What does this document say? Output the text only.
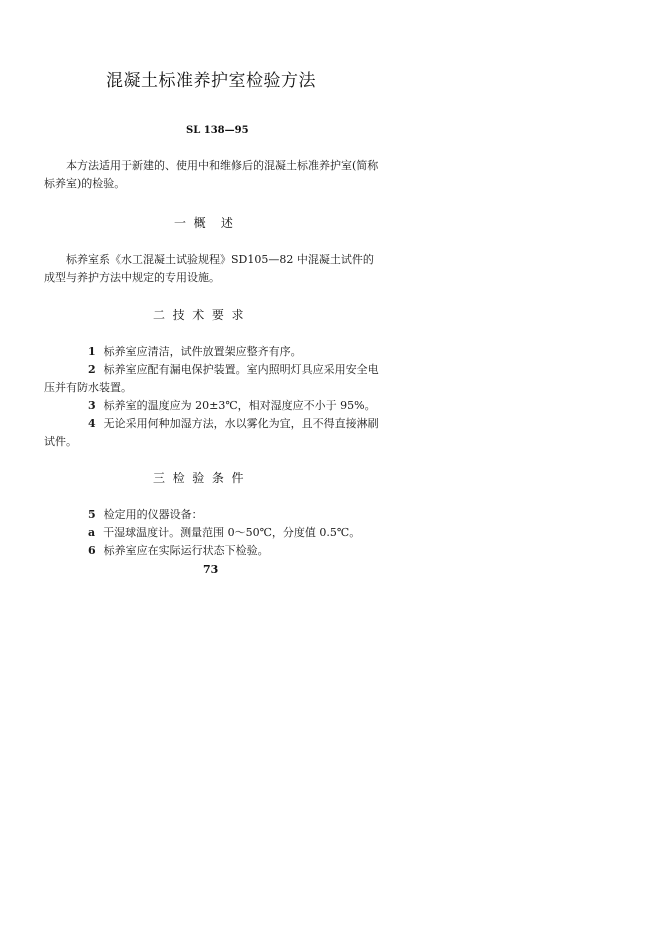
混凝土标准养护室检验方法
SL 138—95
本方法适用于新建的、使用中和维修后的混凝土标准养护室(简称标养室)的检验。
一  概    述
标养室系《水工混凝土试验规程》SD105—82 中混凝土试件的成型与养护方法中规定的专用设施。
二  技  术  要  求

1 标养室应清洁，试件放置架应整齐有序。

2 标养室应配有漏电保护装置。室内照明灯具应采用安全电压并有防水装置。

3 标养室的温度应为 20±3℃，相对湿度应不小于 95%。

4 无论采用何种加湿方法，水以雾化为宜，且不得直接淋刷试件。

三  检  验  条  件

5 检定用的仪器设备：

a 干湿球温度计。测量范围 0～50℃，分度值 0.5℃。

6 标养室应在实际运行状态下检验。

73
